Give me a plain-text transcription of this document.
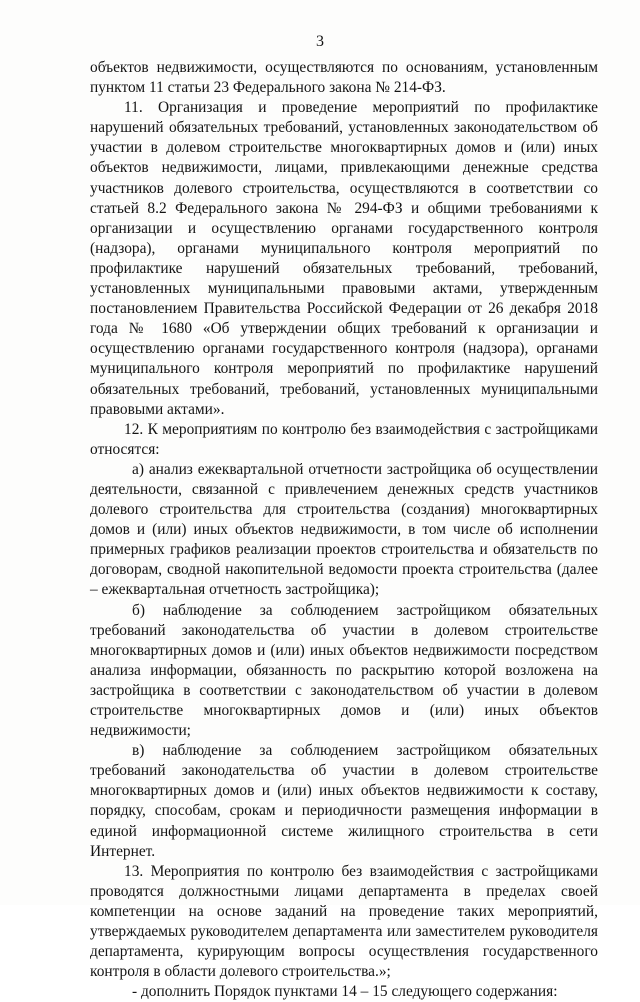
3

объектов недвижимости, осуществляются по основаниям, установленным пунктом 11 статьи 23 Федерального закона № 214-ФЗ.

11. Организация и проведение мероприятий по профилактике нарушений обязательных требований, установленных законодательством об участии в долевом строительстве многоквартирных домов и (или) иных объектов недвижимости, лицами, привлекающими денежные средства участников долевого строительства, осуществляются в соответствии со статьей 8.2 Федерального закона № 294-ФЗ и общими требованиями к организации и осуществлению органами государственного контроля (надзора), органами муниципального контроля мероприятий по профилактике нарушений обязательных требований, требований, установленных муниципальными правовыми актами, утвержденным постановлением Правительства Российской Федерации от 26 декабря 2018 года № 1680 «Об утверждении общих требований к организации и осуществлению органами государственного контроля (надзора), органами муниципального контроля мероприятий по профилактике нарушений обязательных требований, требований, установленных муниципальными правовыми актами».

12. К мероприятиям по контролю без взаимодействия с застройщиками относятся:

а) анализ ежеквартальной отчетности застройщика об осуществлении деятельности, связанной с привлечением денежных средств участников долевого строительства для строительства (создания) многоквартирных домов и (или) иных объектов недвижимости, в том числе об исполнении примерных графиков реализации проектов строительства и обязательств по договорам, сводной накопительной ведомости проекта строительства (далее – ежеквартальная отчетность застройщика);

б) наблюдение за соблюдением застройщиком обязательных требований законодательства об участии в долевом строительстве многоквартирных домов и (или) иных объектов недвижимости посредством анализа информации, обязанность по раскрытию которой возложена на застройщика в соответствии с законодательством об участии в долевом строительстве многоквартирных домов и (или) иных объектов недвижимости;

в) наблюдение за соблюдением застройщиком обязательных требований законодательства об участии в долевом строительстве многоквартирных домов и (или) иных объектов недвижимости к составу, порядку, способам, срокам и периодичности размещения информации в единой информационной системе жилищного строительства в сети Интернет.

13. Мероприятия по контролю без взаимодействия с застройщиками проводятся должностными лицами департамента в пределах своей компетенции на основе заданий на проведение таких мероприятий, утверждаемых руководителем департамента или заместителем руководителя департамента, курирующим вопросы осуществления государственного контроля в области долевого строительства.»;

- дополнить Порядок пунктами 14 – 15 следующего содержания:
